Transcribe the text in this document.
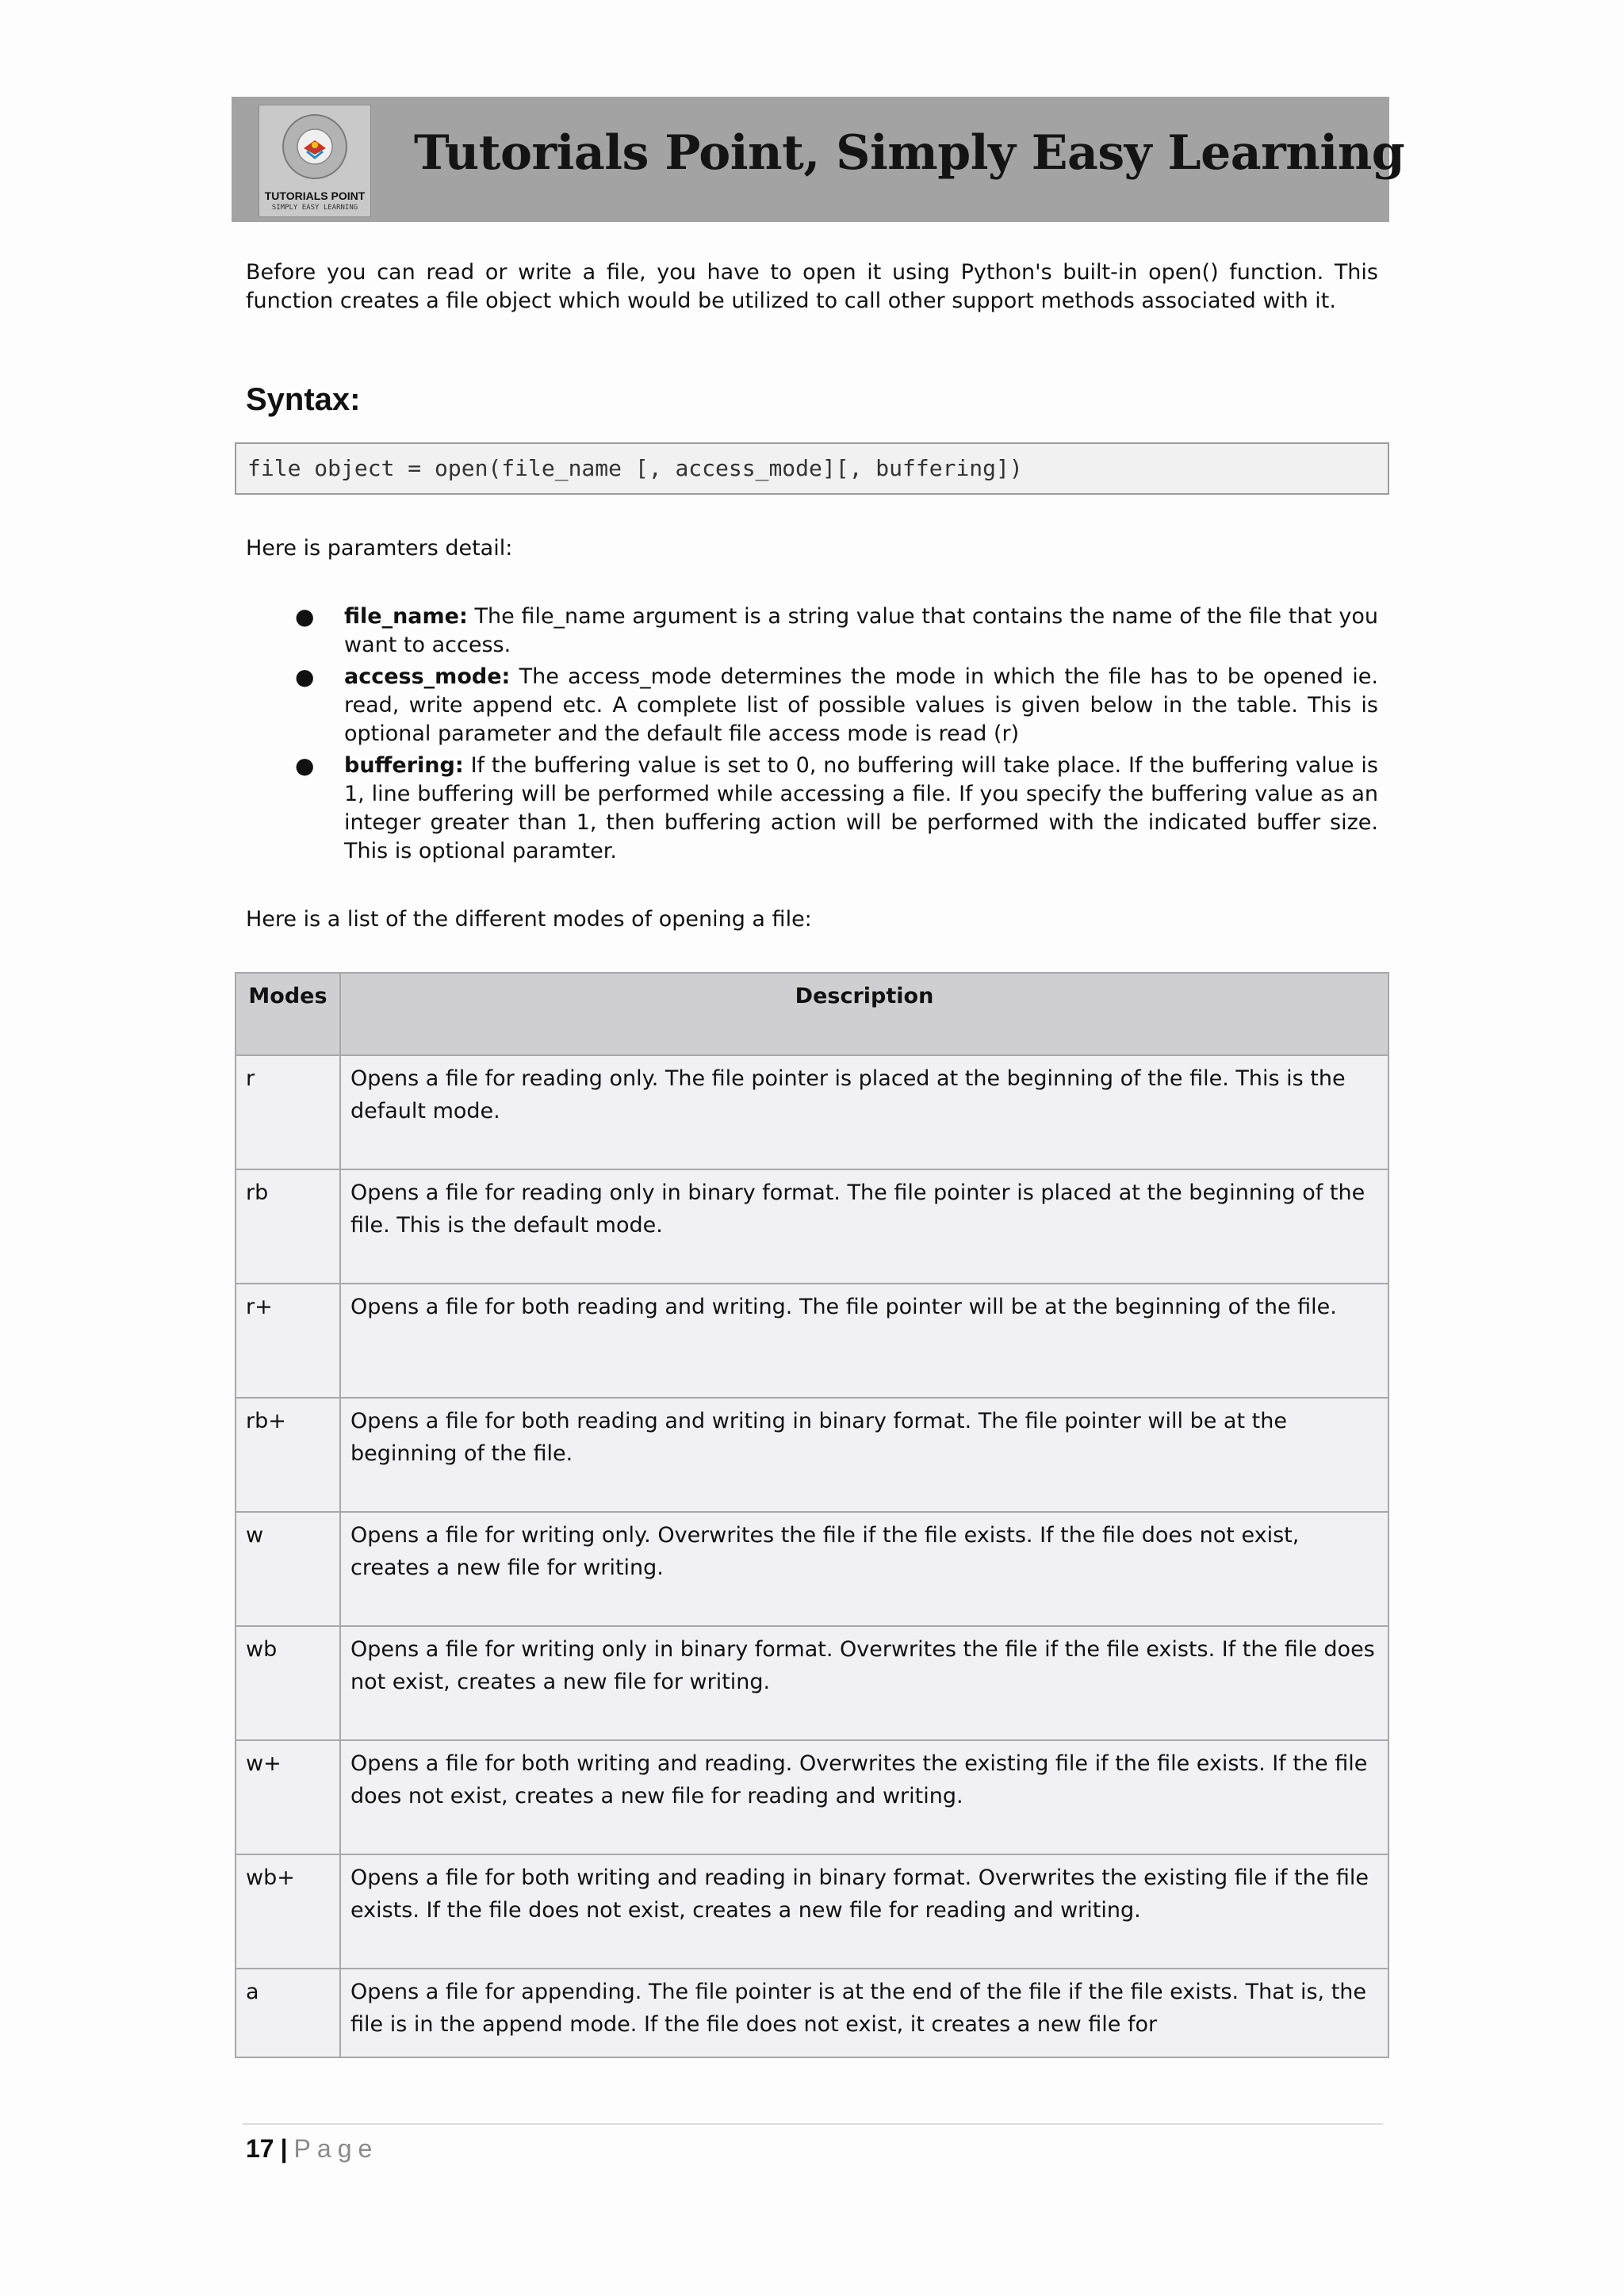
TUTORIALS POINT
SIMPLY EASY LEARNING
Tutorials Point, Simply Easy Learning

Before you can read or write a file, you have to open it using Python's built-in open() function. This function creates a file object which would be utilized to call other support methods associated with it.

Syntax:
file object = open(file_name [, access_mode][, buffering])

Here is paramters detail:

● file_name: The file_name argument is a string value that contains the name of the file that you want to access.
● access_mode: The access_mode determines the mode in which the file has to be opened ie. read, write append etc. A complete list of possible values is given below in the table. This is optional parameter and the default file access mode is read (r)
● buffering: If the buffering value is set to 0, no buffering will take place. If the buffering value is 1, line buffering will be performed while accessing a file. If you specify the buffering value as an integer greater than 1, then buffering action will be performed with the indicated buffer size. This is optional paramter.

Here is a list of the different modes of opening a file:

Modes	Description
r	Opens a file for reading only. The file pointer is placed at the beginning of the file. This is the default mode.
rb	Opens a file for reading only in binary format. The file pointer is placed at the beginning of the file. This is the default mode.
r+	Opens a file for both reading and writing. The file pointer will be at the beginning of the file.
rb+	Opens a file for both reading and writing in binary format. The file pointer will be at the beginning of the file.
w	Opens a file for writing only. Overwrites the file if the file exists. If the file does not exist, creates a new file for writing.
wb	Opens a file for writing only in binary format. Overwrites the file if the file exists. If the file does not exist, creates a new file for writing.
w+	Opens a file for both writing and reading. Overwrites the existing file if the file exists. If the file does not exist, creates a new file for reading and writing.
wb+	Opens a file for both writing and reading in binary format. Overwrites the existing file if the file exists. If the file does not exist, creates a new file for reading and writing.
a	Opens a file for appending. The file pointer is at the end of the file if the file exists. That is, the file is in the append mode. If the file does not exist, it creates a new file for
17 | Page
